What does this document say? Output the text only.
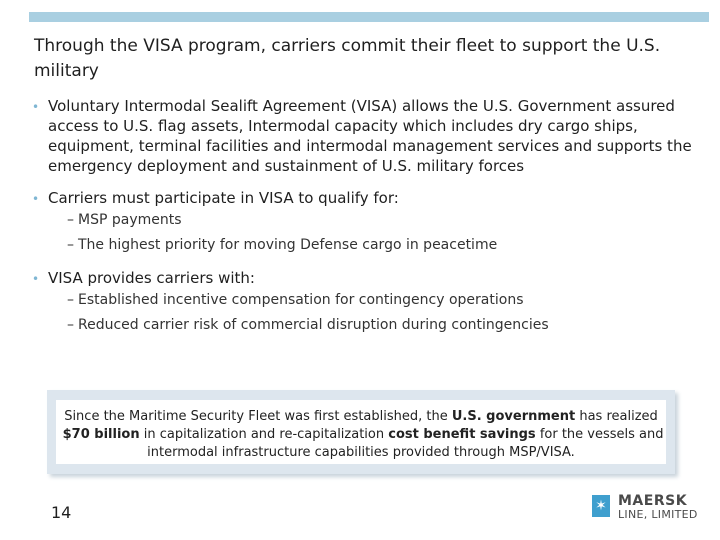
Through the VISA program, carriers commit their fleet to support the U.S. military
• Voluntary Intermodal Sealift Agreement (VISA) allows the U.S. Government assured access to U.S. flag assets, Intermodal capacity which includes dry cargo ships, equipment, terminal facilities and intermodal management services and supports the emergency deployment and sustainment of U.S. military forces
• Carriers must participate in VISA to qualify for:
– MSP payments
– The highest priority for moving Defense cargo in peacetime
• VISA provides carriers with:
– Established incentive compensation for contingency operations
– Reduced carrier risk of commercial disruption during contingencies
Since the Maritime Security Fleet was first established, the U.S. government has realized  $70 billion in capitalization and re-capitalization cost benefit savings for the vessels and intermodal infrastructure capabilities provided through MSP/VISA.
14	✶ MAERSK
LINE, LIMITED
